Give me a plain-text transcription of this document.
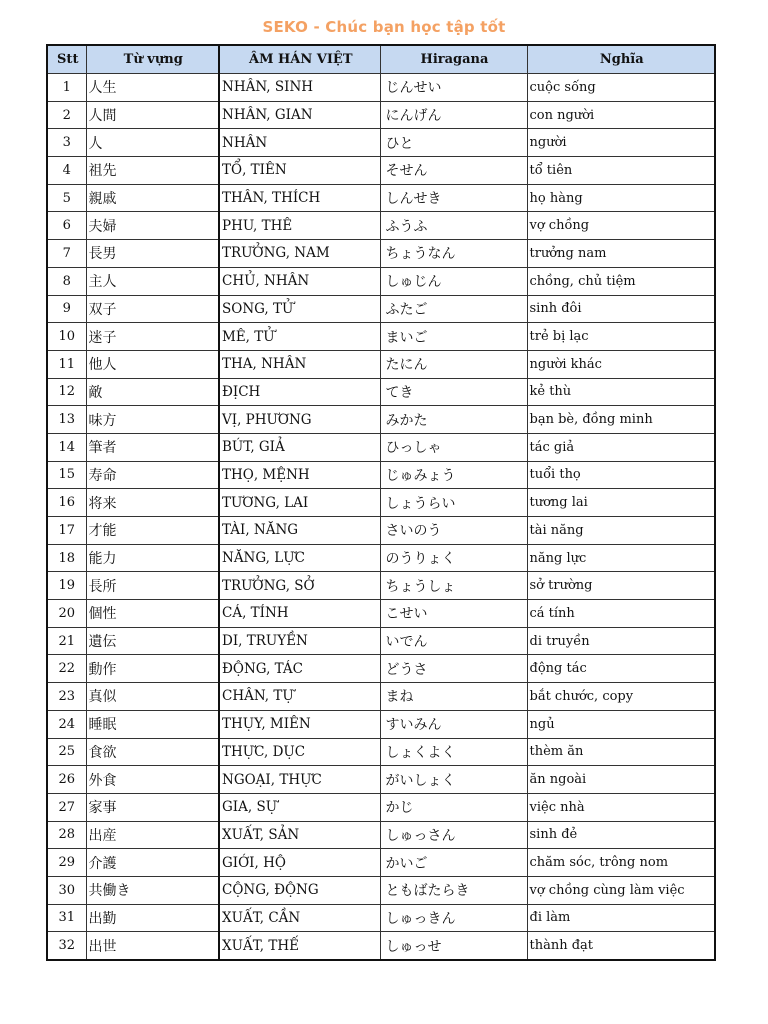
SEKO - Chúc bạn học tập tốt
Stt	Từ vựng	ÂM HÁN VIỆT	Hiragana	Nghĩa
1	人生	NHÂN, SINH	じんせい	cuộc sống
2	人間	NHÂN, GIAN	にんげん	con người
3	人	NHÂN	ひと	người
4	祖先	TỔ, TIÊN	そせん	tổ tiên
5	親戚	THÂN, THÍCH	しんせき	họ hàng
6	夫婦	PHU, THÊ	ふうふ	vợ chồng
7	長男	TRƯỞNG, NAM	ちょうなん	trưởng nam
8	主人	CHỦ, NHÂN	しゅじん	chồng, chủ tiệm
9	双子	SONG, TỬ	ふたご	sinh đôi
10	迷子	MÊ, TỬ	まいご	trẻ bị lạc
11	他人	THA, NHÂN	たにん	người khác
12	敵	ĐỊCH	てき	kẻ thù
13	味方	VỊ, PHƯƠNG	みかた	bạn bè, đồng minh
14	筆者	BÚT, GIẢ	ひっしゃ	tác giả
15	寿命	THỌ, MỆNH	じゅみょう	tuổi thọ
16	将来	TƯƠNG, LAI	しょうらい	tương lai
17	才能	TÀI, NĂNG	さいのう	tài năng
18	能力	NĂNG, LỰC	のうりょく	năng lực
19	長所	TRƯỞNG, SỞ	ちょうしょ	sở trường
20	個性	CÁ, TÍNH	こせい	cá tính
21	遺伝	DI, TRUYỀN	いでん	di truyền
22	動作	ĐỘNG, TÁC	どうさ	động tác
23	真似	CHÂN, TỰ	まね	bắt chước, copy
24	睡眠	THỤY, MIÊN	すいみん	ngủ
25	食欲	THỰC, DỤC	しょくよく	thèm ăn
26	外食	NGOẠI, THỰC	がいしょく	ăn ngoài
27	家事	GIA, SỰ	かじ	việc nhà
28	出産	XUẤT, SẢN	しゅっさん	sinh đẻ
29	介護	GIỚI, HỘ	かいご	chăm sóc, trông nom
30	共働き	CỘNG, ĐỘNG	ともばたらき	vợ chồng cùng làm việc
31	出勤	XUẤT, CẦN	しゅっきん	đi làm
32	出世	XUẤT, THẾ	しゅっせ	thành đạt
